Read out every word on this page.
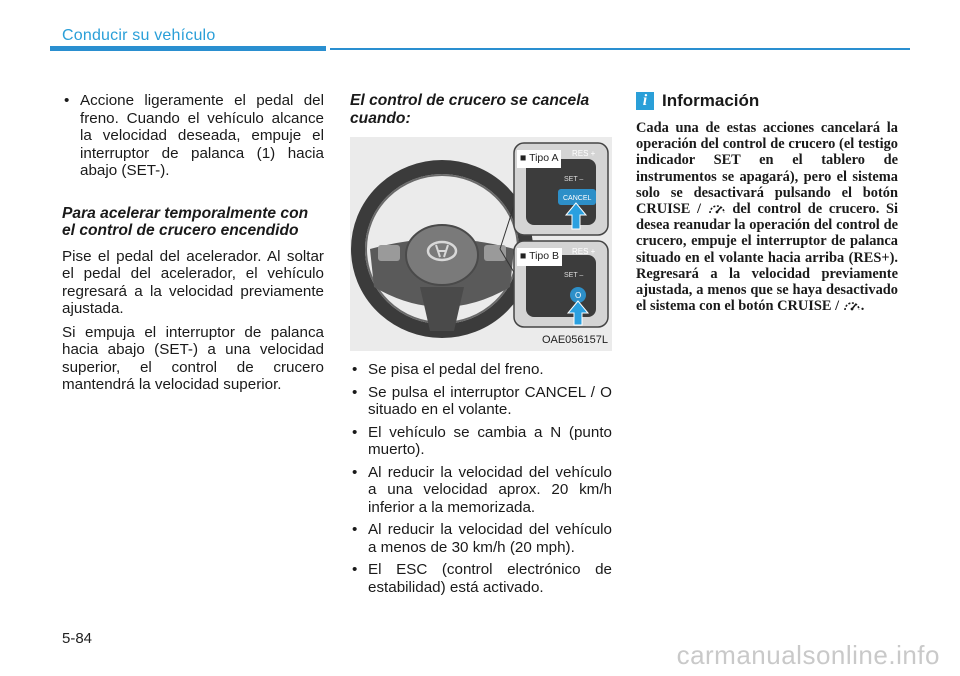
Conducir su vehículo

• Accione ligeramente el pedal del freno. Cuando el vehículo alcance la velocidad deseada, empuje el interruptor de palanca (1) hacia abajo (SET-).

Para acelerar temporalmente con el control de crucero encendido

Pise el pedal del acelerador. Al soltar el pedal del acelerador, el vehículo regresará a la velocidad previamente ajustada.

Si empuja el interruptor de palanca hacia abajo (SET-) a una velocidad superior, el control de crucero mantendrá la velocidad superior.

El control de crucero se cancela cuando:

RES +
SET –
CANCEL
RES +
SET –
O
■ Tipo A
■ Tipo B
OAE056157L

• Se pisa el pedal del freno.

• Se pulsa el interruptor CANCEL / O situado en el volante.

• El vehículo se cambia a N (punto muerto).

• Al reducir la velocidad del vehículo a una velocidad aprox. 20 km/h inferior a la memorizada.

• Al reducir la velocidad del vehículo a menos de 30 km/h (20 mph).

• El ESC (control electrónico de estabilidad) está activado.

i Información
Cada una de estas acciones cancelará la operación del control de crucero (el testigo indicador SET en el tablero de instrumentos se apagará), pero el sistema solo se desactivará pulsando el botón CRUISE / del control de crucero. Si desea reanudar la operación del control de crucero, empuje el interruptor de palanca situado en el volante hacia arriba (RES+). Regresará a la velocidad previamente ajustada, a menos que se haya desactivado el sistema con el botón CRUISE / .
5-84
carmanualsonline.info
